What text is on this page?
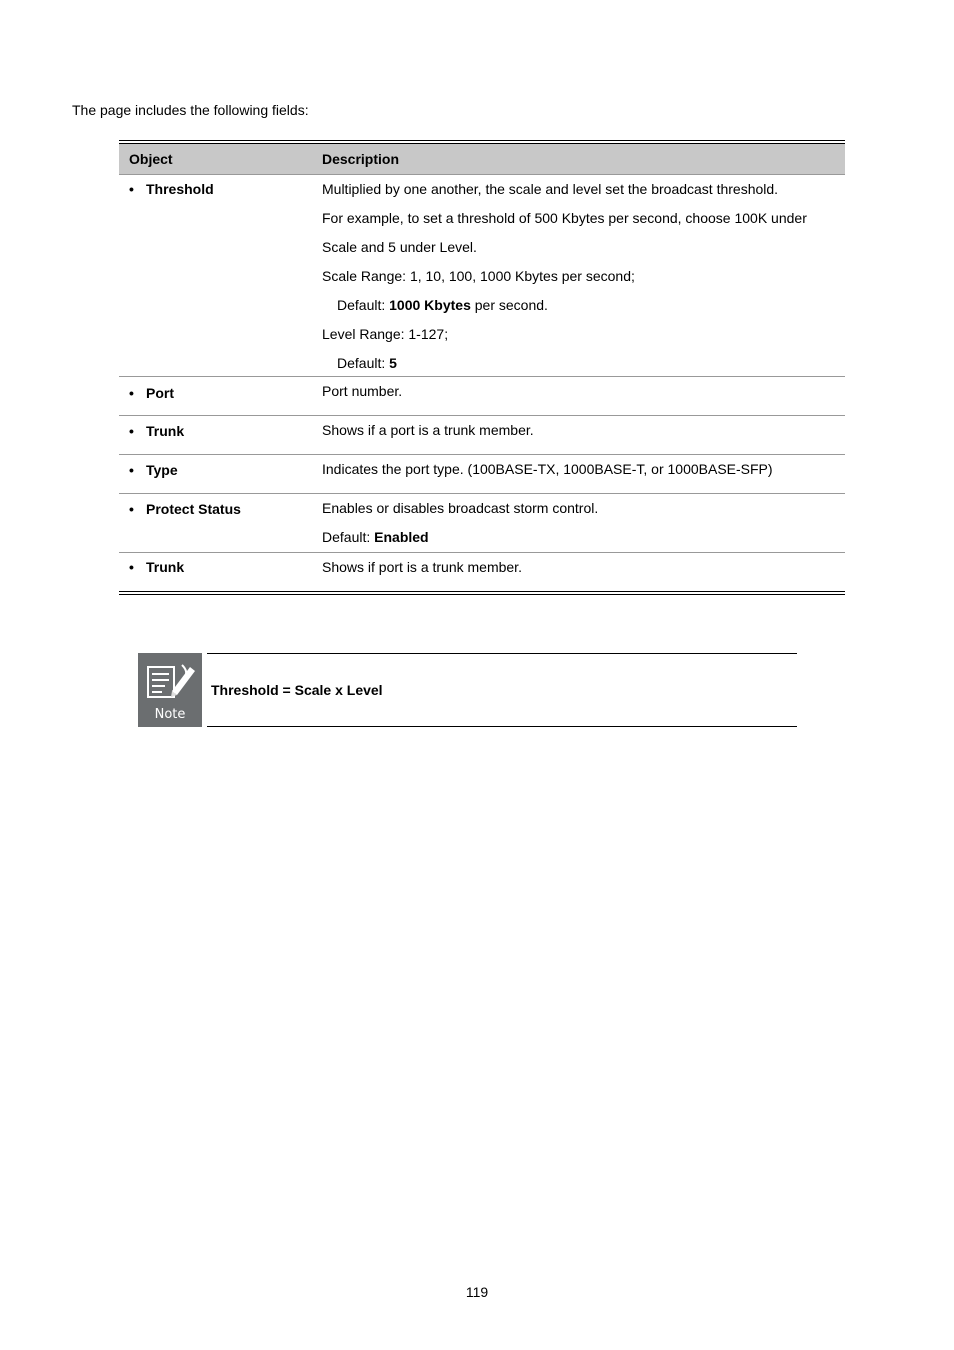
The page includes the following fields:
Object	Description
• Threshold	Multiplied by one another, the scale and level set the broadcast threshold.
For example, to set a threshold of 500 Kbytes per second, choose 100K under
Scale and 5 under Level.
Scale Range: 1, 10, 100, 1000 Kbytes per second;
Default: 1000 Kbytes per second.
Level Range: 1-127;
Default: 5
• Port	Port number.
• Trunk	Shows if a port is a trunk member.
• Type	Indicates the port type. (100BASE-TX, 1000BASE-T, or 1000BASE-SFP)
• Protect Status	Enables or disables broadcast storm control.
Default: Enabled
• Trunk	Shows if port is a trunk member.
Note
Threshold = Scale x Level
119
